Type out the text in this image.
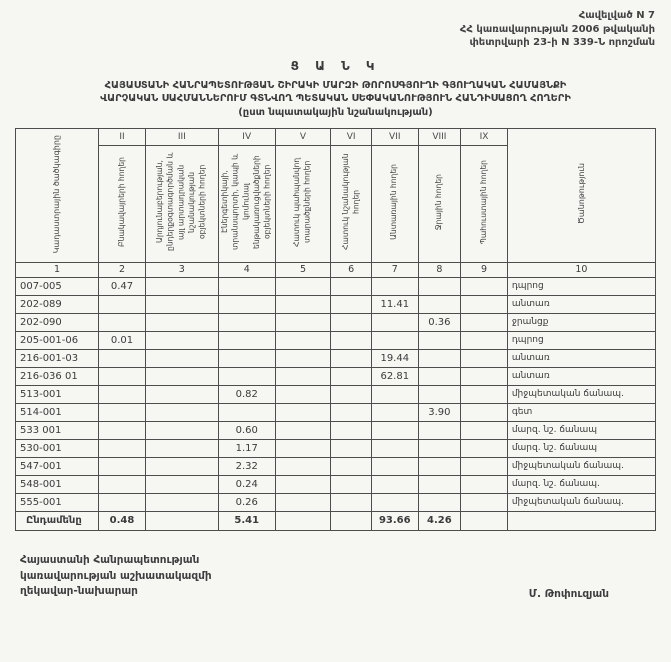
Հավելված N 7
ՀՀ կառավարության 2006 թվականի
փետրվարի 23-ի N 339-Ն որոշման
Ց Ա Ն Կ
ՀԱՅԱՍՏԱՆԻ ՀԱՆՐԱՊԵՏՈՒԹՅԱՆ ՇԻՐԱԿԻ ՄԱՐԶԻ ԹՈՐՈՍԳՅՈՒՂԻ ԳՅՈՒՂԱԿԱՆ ՀԱՄԱՅՆՔԻ
ՎԱՐՉԱԿԱՆ ՍԱՀՄԱՆՆԵՐՈՒՄ ԳՏՆՎՈՂ ՊԵՏԱԿԱՆ ՍԵՓԱԿԱՆՈՒԹՅՈՒՆ ՀԱՆԴԻՍԱՑՈՂ ՀՈՂԵՐԻ
(ըստ նպատակային նշանակության)
Կադաստրային ծածկագիրը	II	III	IV	V	VI	VII	VIII	IX	Ծանոթություն
	Բնակավայրերի հողեր	Արդյունաբերության, ընդերքօգտագործման և այլ արտադրական նշանակության օբյեկտների հողեր	Էներգետիկայի, տրանսպորտի, կապի և կոմունալ ենթակառուցվածքների օբյեկտների հողեր	Հատուկ պահպանվող տարածքների հողեր	Հատուկ նշանակության հողեր	Անտառային հողեր	Ջրային հողեր	Պահուստային հողեր	
1	2	3	4	5	6	7	8	9	10
007-005	0.47								դպրոց
202-089						11.41			անտառ
202-090							0.36		ջրանցք
205-001-06	0.01								դպրոց
216-001-03						19.44			անտառ
216-036 01						62.81			անտառ
513-001			0.82						միջպետական ճանապ.
514-001							3.90		գետ
533 001			0.60						մարզ. նշ. ճանապ
530-001			1.17						մարզ. նշ. ճանապ
547-001			2.32						միջպետական ճանապ.
548-001			0.24						մարզ. նշ. ճանապ.
555-001			0.26						միջպետական ճանապ.
Ընդամենը	0.48		5.41			93.66	4.26		
Հայաստանի Հանրապետության
կառավարության աշխատակազմի
ղեկավար-նախարար	Մ. Թոփուզյան
